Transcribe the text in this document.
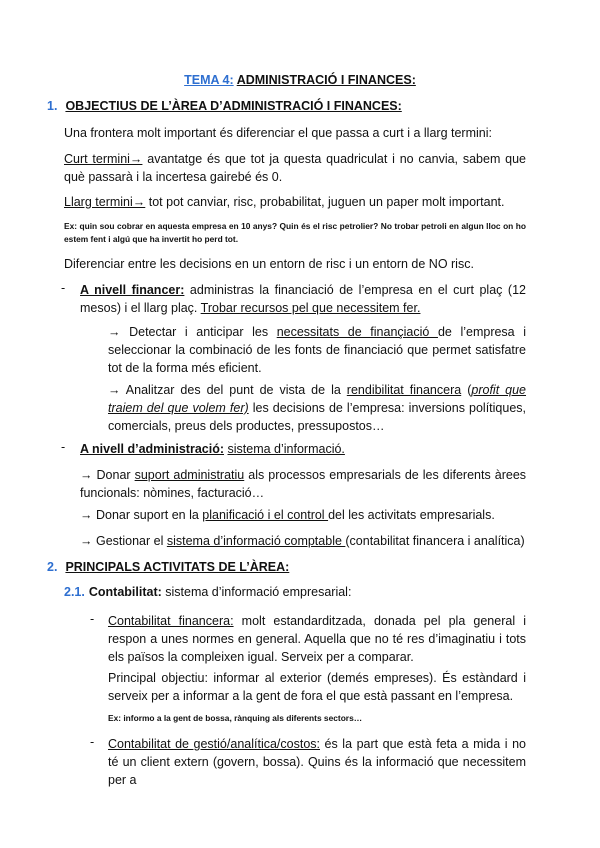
TEMA 4: ADMINISTRACIÓ I FINANCES:
1. OBJECTIUS DE L’ÀREA D’ADMINISTRACIÓ I FINANCES:
Una frontera molt important és diferenciar el que passa a curt i a llarg termini:
Curt termini→ avantatge és que tot ja questa quadriculat i no canvia, sabem que què passarà i la incertesa gairebé és 0.
Llarg termini→ tot pot canviar, risc, probabilitat, juguen un paper molt important.
Ex: quin sou cobrar en aquesta empresa en 10 anys? Quin és el risc petrolier? No trobar petroli en algun lloc on ho estem fent i algú que ha invertit ho perd tot.
Diferenciar entre les decisions en un entorn de risc i un entorn de NO risc.
- A nivell financer: administras la financiació de l’empresa en el curt plaç (12 mesos) i el llarg plaç. Trobar recursos pel que necessitem fer.
→ Detectar i anticipar les necessitats de finançiació de l’empresa i seleccionar la combinació de les fonts de financiació que permet satisfatre tot de la forma més eficient.
→ Analitzar des del punt de vista de la rendibilitat financera (profit que traiem del que volem fer) les decisions de l’empresa: inversions polítiques, comercials, preus dels productes, pressupostos…
- A nivell d’administració: sistema d’informació.
→ Donar suport administratiu als processos empresarials de les diferents àrees funcionals: nòmines, facturació…
→ Donar suport en la planificació i el control del les activitats empresarials.
→ Gestionar el sistema d’informació comptable (contabilitat financera i analítica)
2. PRINCIPALS ACTIVITATS DE L’ÀREA:
2.1. Contabilitat: sistema d’informació empresarial:
- Contabilitat financera: molt estandarditzada, donada pel pla general i respon a unes normes en general. Aquella que no té res d’imaginatiu i tots els països la compleixen igual. Serveix per a comparar.
Principal objectiu: informar al exterior (demés empreses). És estàndard i serveix per a informar a la gent de fora el que està passant en l’empresa.
Ex: informo a la gent de bossa, rànquing als diferents sectors…
- Contabilitat de gestió/analítica/costos: és la part que està feta a mida i no té un client extern (govern, bossa). Quins és la informació que necessitem per a
